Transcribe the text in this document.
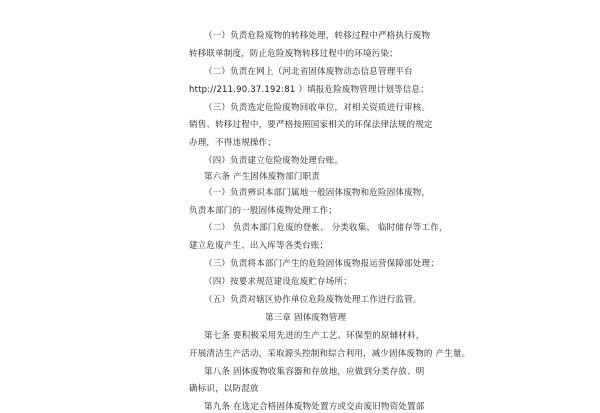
（一）负责危险废物的转移处理，转移过程中严格执行废物
转移联单制度，防止危险废物转移过程中的环境污染；
（二）负责在网上（河北省固体废物动态信息管理平台
http://211.90.37.192:81 ）填报危险废物管理计划等信息；
（三）负责选定危险废物回收单位，对相关资质进行审核。
销售、转移过程中，要严格按照国家相关的环保法律法规的规定
办理，不得违规操作；
（四）负责建立危险废物处理台账。
第六条 产生固体废物部门职责
（一）负责辨识本部门属地一般固体废物和危险固体废物，
负责本部门的一般固体废物处理工作；
（二） 负责本部门危废的登帐、 分类收集、 临时储存等工作，
建立危废产生、出入库等各类台账；
（三）负责将本部门产生的危险固体废物报运营保障部处理；
（四）按要求规范建设危废贮存场所；
（五）负责对辖区协作单位危险废物处理工作进行监管。
第三章 固体废物管理
第七条 要积极采用先进的生产工艺、环保型的原辅材料，
开展清洁生产活动，采取源头控制和综合利用，减少固体废物的 产生量。
第八条 固体废物收集容器和存放地，应做到分类存放、明
确标识，以防混放
第九条 在选定合格固体废物处置方或交由废旧物资处置部
